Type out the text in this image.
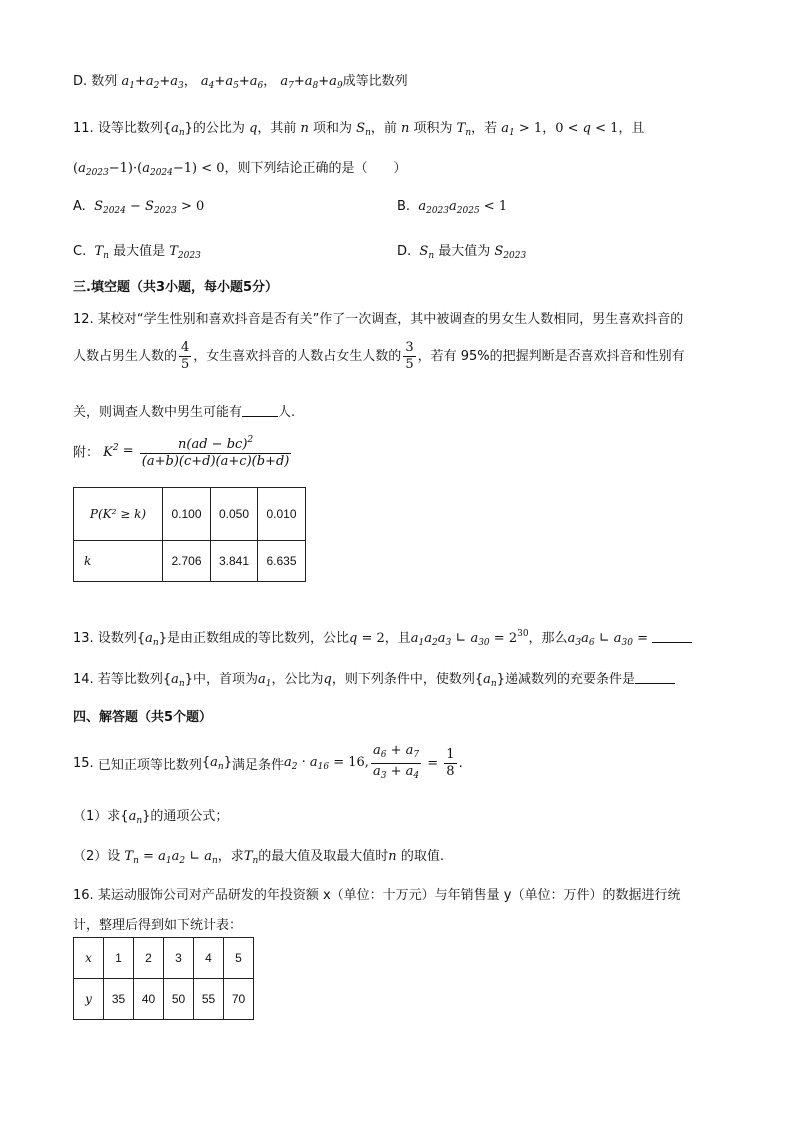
D. 数列 $a_1+a_2+a_3$， $a_4+a_5+a_6$， $a_7+a_8+a_9$成等比数列
11. 设等比数列$\{a_n\}$的公比为 q，其前 n 项和为 $S_n$，前 n 项积为 $T_n$，若 $a_1 > 1$，0 < q < 1，且
$(a_{2023}-1)\cdot(a_{2024}-1) < 0$，则下列结论正确的是（　　）
A. $S_{2024} - S_{2023} > 0$	B. $a_{2023}a_{2025} < 1$
C. $T_n$ 最大值是 $T_{2023}$	D. $S_n$ 最大值为 $S_{2023}$
三.填空题（共3小题，每小题5分）
12. 某校对“学生性别和喜欢抖音是否有关”作了一次调查，其中被调查的男女生人数相同，男生喜欢抖音的
人数占男生人数的 $\frac{4}{5}$ ，女生喜欢抖音的人数占女生人数的 $\frac{3}{5}$ ，若有 95%的把握判断是否喜欢抖音和性别有
关，则调查人数中男生可能有	人.
附： $K^2 = \frac{n(ad - bc)^2}{(a+b)(c+d)(a+c)(b+d)}$
P(K² ≥ k)	0.100	0.050	0.010
k	2.706	3.841	6.635
13. 设数列$\{a_n\}$是由正数组成的等比数列，公比q = 2，且$a_1a_2a_3$ ∟ $a_{30} = 2^{30}$，那么$a_3a_6$ ∟ $a_{30}$ =
14. 若等比数列$\{a_n\}$中，首项为$a_1$，公比为q，则下列条件中，使数列$\{a_n\}$递减数列的充要条件是
四、解答题（共5个题）
15. 已知正项等比数列$\{a_n\}$满足条件$a_2 \cdot a_{16} = 16$, $\frac{a_6 + a_7}{a_3 + a_4} = \frac{1}{8}$ .
（1）求$\{a_n\}$的通项公式；
（2）设 $T_n = a_1a_2$ ∟ $a_n$，求$T_n$的最大值及取最大值时n 的取值.
16. 某运动服饰公司对产品研发的年投资额 x（单位：十万元）与年销售量 y（单位：万件）的数据进行统
计，整理后得到如下统计表：
x	1	2	3	4	5
y	35	40	50	55	70
